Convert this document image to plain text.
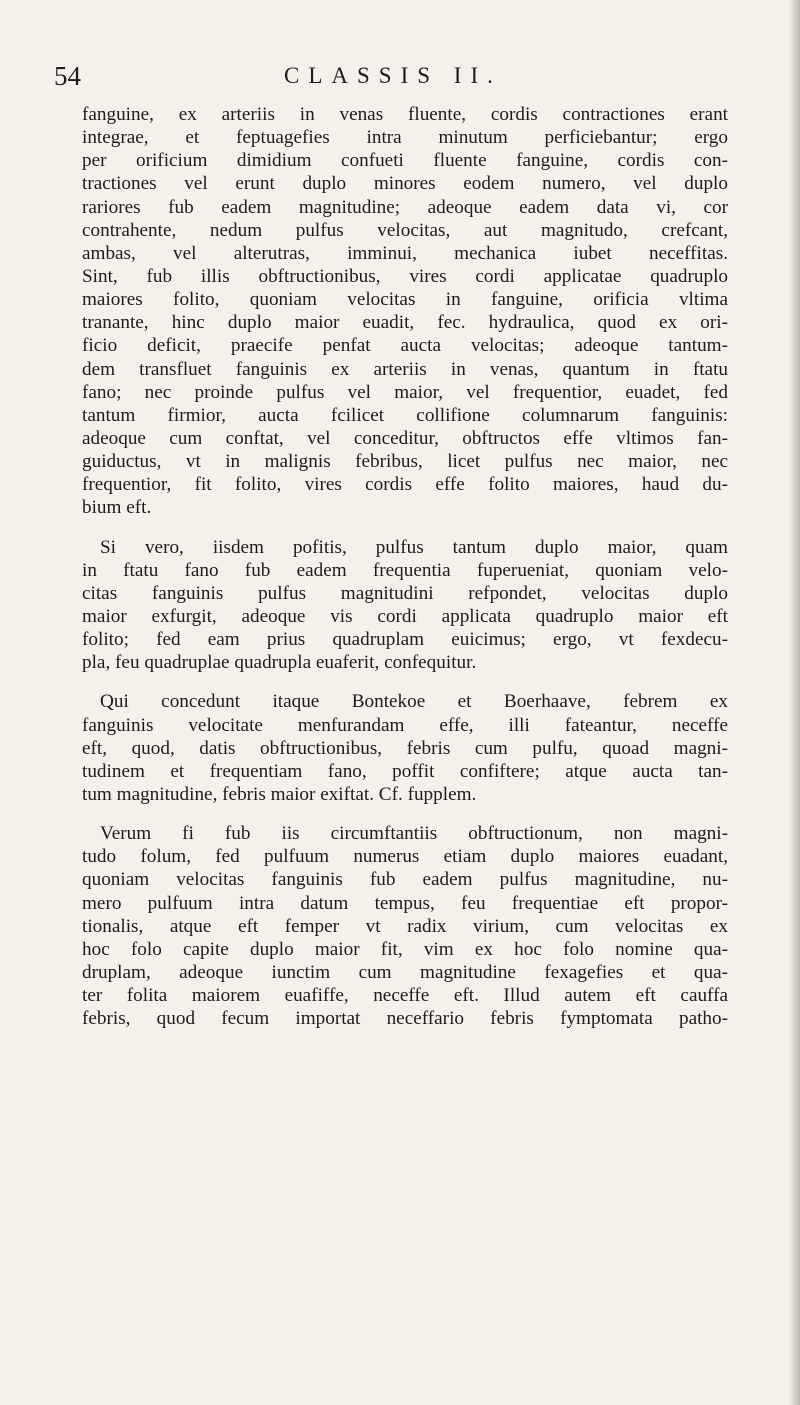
54	CLASSIS II.

fanguine, ex arteriis in venas fluente, cordis contractiones erant
integrae, et feptuagefies intra minutum perficiebantur; ergo
per orificium dimidium confueti fluente fanguine, cordis con-
tractiones vel erunt duplo minores eodem numero, vel duplo
rariores fub eadem magnitudine; adeoque eadem data vi, cor
contrahente, nedum pulfus velocitas, aut magnitudo, crefcant,
ambas, vel alterutras, imminui, mechanica iubet neceffitas.
Sint, fub illis obftructionibus, vires cordi applicatae quadruplo
maiores folito, quoniam velocitas in fanguine, orificia vltima
tranante, hinc duplo maior euadit, fec. hydraulica, quod ex ori-
ficio deficit, praecife penfat aucta velocitas; adeoque tantum-
dem transfluet fanguinis ex arteriis in venas, quantum in ftatu
fano; nec proinde pulfus vel maior, vel frequentior, euadet, fed
tantum firmior, aucta fcilicet collifione columnarum fanguinis:
adeoque cum conftat, vel conceditur, obftructos effe vltimos fan-
guiductus, vt in malignis febribus, licet pulfus nec maior, nec
frequentior, fit folito, vires cordis effe folito maiores, haud du-
bium eft.

Si vero, iisdem pofitis, pulfus tantum duplo maior, quam
in ftatu fano fub eadem frequentia fuperueniat, quoniam velo-
citas fanguinis pulfus magnitudini refpondet, velocitas duplo
maior exfurgit, adeoque vis cordi applicata quadruplo maior eft
folito; fed eam prius quadruplam euicimus; ergo, vt fexdecu-
pla, feu quadruplae quadrupla euaferit, confequitur.

Qui concedunt itaque Bontekoe et Boerhaave, febrem ex
fanguinis velocitate menfurandam effe, illi fateantur, neceffe
eft, quod, datis obftructionibus, febris cum pulfu, quoad magni-
tudinem et frequentiam fano, poffit confiftere; atque aucta tan-
tum magnitudine, febris maior exiftat. Cf. fupplem.

Verum fi fub iis circumftantiis obftructionum, non magni-
tudo folum, fed pulfuum numerus etiam duplo maiores euadant,
quoniam velocitas fanguinis fub eadem pulfus magnitudine, nu-
mero pulfuum intra datum tempus, feu frequentiae eft propor-
tionalis, atque eft femper vt radix virium, cum velocitas ex
hoc folo capite duplo maior fit, vim ex hoc folo nomine qua-
druplam, adeoque iunctim cum magnitudine fexagefies et qua-
ter folita maiorem euafiffe, neceffe eft. Illud autem eft cauffa
febris, quod fecum importat neceffario febris fymptomata patho-
